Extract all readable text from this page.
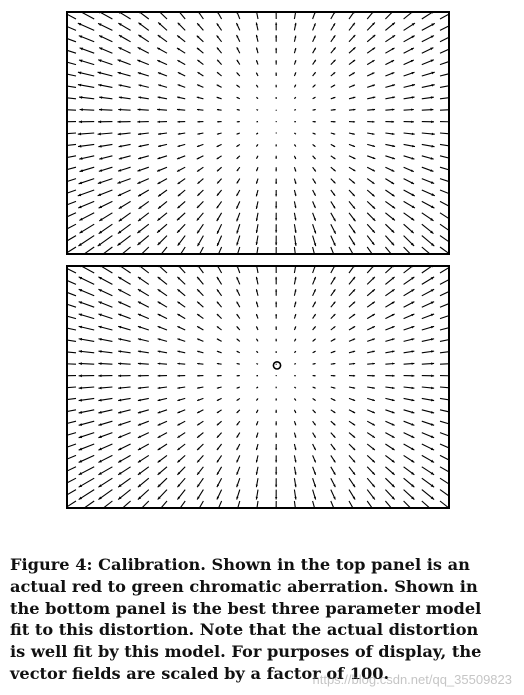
Figure 4: Calibration. Shown in the top panel is an
actual red to green chromatic aberration. Shown in
the bottom panel is the best three parameter model
fit to this distortion. Note that the actual distortion
is well fit by this model. For purposes of display, the
vector fields are scaled by a factor of 100.

https://blog.csdn.net/qq_35509823
